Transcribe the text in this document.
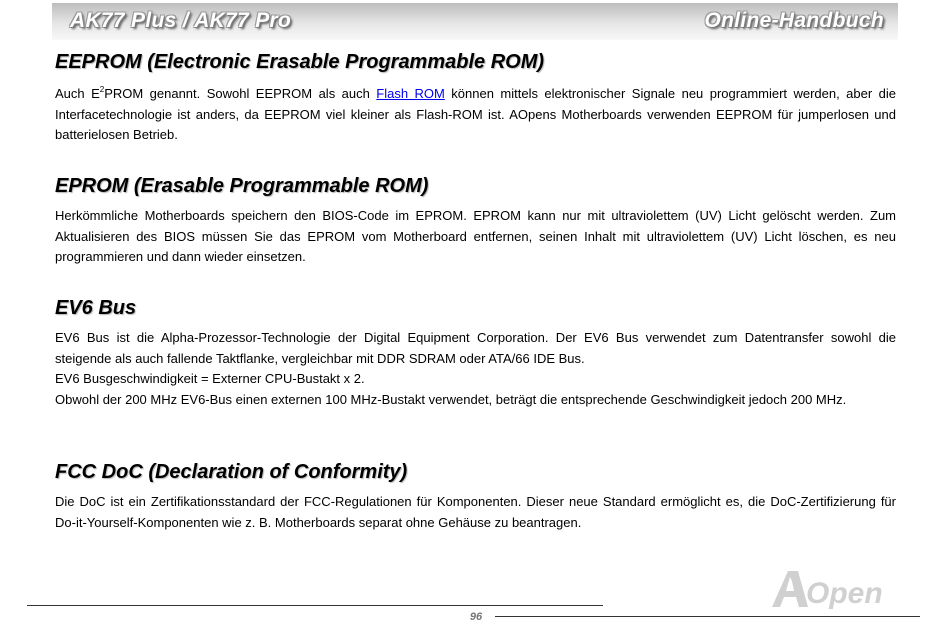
AK77 Plus / AK77 Pro	Online-Handbuch
EEPROM (Electronic Erasable Programmable ROM)

Auch $E^2PROM$ genannt. Sowohl EEPROM als auch Flash ROM können mittels elektronischer Signale neu programmiert werden, aber die Interfacetechnologie ist anders, da EEPROM viel kleiner als Flash-ROM ist. AOpens Motherboards verwenden EEPROM für jumperlosen und batterielosen Betrieb.

EPROM (Erasable Programmable ROM)

Herkömmliche Motherboards speichern den BIOS-Code im EPROM. EPROM kann nur mit ultraviolettem (UV) Licht gelöscht werden. Zum Aktualisieren des BIOS müssen Sie das EPROM vom Motherboard entfernen, seinen Inhalt mit ultraviolettem (UV) Licht löschen, es neu programmieren und dann wieder einsetzen.

EV6 Bus

EV6 Bus ist die Alpha-Prozessor-Technologie der Digital Equipment Corporation. Der EV6 Bus verwendet zum Datentransfer sowohl die steigende als auch fallende Taktflanke, vergleichbar mit DDR SDRAM oder ATA/66 IDE Bus.

EV6 Busgeschwindigkeit = Externer CPU-Bustakt x 2.

Obwohl der 200 MHz EV6-Bus einen externen 100 MHz-Bustakt verwendet, beträgt die entsprechende Geschwindigkeit jedoch 200 MHz.

FCC DoC (Declaration of Conformity)

Die DoC ist ein Zertifikationsstandard der FCC-Regulationen für Komponenten. Dieser neue Standard ermöglicht es, die DoC-Zertifizierung für Do-it-Yourself-Komponenten wie z. B. Motherboards separat ohne Gehäuse zu beantragen.

Open
96
